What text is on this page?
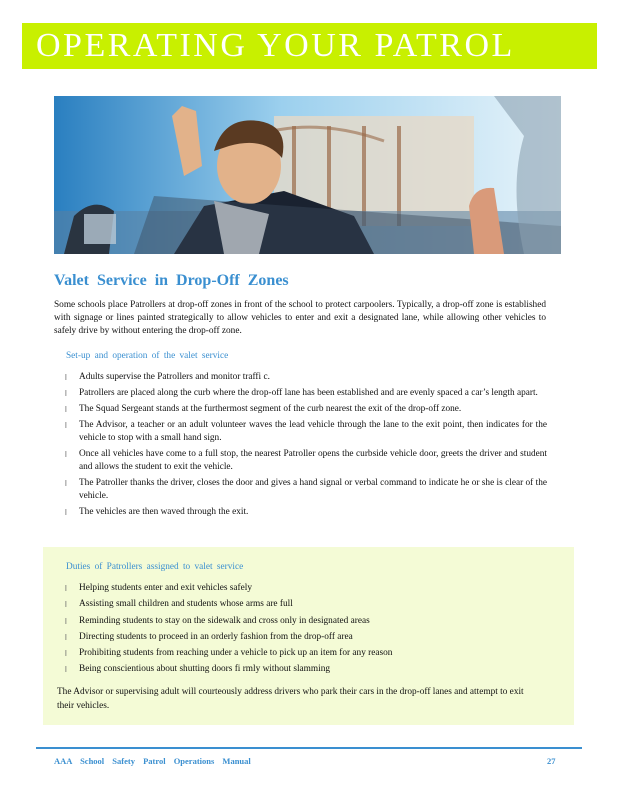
OPERATING YOUR PATROL
Valet Service in Drop-Off Zones

Some schools place Patrollers at drop-off zones in front of the school to protect carpoolers. Typically, a drop-off zone is established with signage or lines painted strategically to allow vehicles to enter and exit a designated lane, while allowing other vehicles to safely drive by without entering the drop-off zone.

Set-up and operation of the valet service
l Adults supervise the Patrollers and monitor traffi c.
l Patrollers are placed along the curb where the drop-off lane has been established and are evenly spaced a car’s length apart.
l The Squad Sergeant stands at the furthermost segment of the curb nearest the exit of the drop-off zone.
l The Advisor, a teacher or an adult volunteer waves the lead vehicle through the lane to the exit point, then indicates for the vehicle to stop with a small hand sign.
l Once all vehicles have come to a full stop, the nearest Patroller opens the curbside vehicle door, greets the driver and student and allows the student to exit the vehicle.
l The Patroller thanks the driver, closes the door and gives a hand signal or verbal command to indicate he or she is clear of the vehicle.
l The vehicles are then waved through the exit.
Duties of Patrollers assigned to valet service
l Helping students enter and exit vehicles safely
l Assisting small children and students whose arms are full
l Reminding students to stay on the sidewalk and cross only in designated areas
l Directing students to proceed in an orderly fashion from the drop-off area
l Prohibiting students from reaching under a vehicle to pick up an item for any reason
l Being conscientious about shutting doors fi rmly without slamming

The Advisor or supervising adult will courteously address drivers who park their cars in the drop-off lanes and attempt to exit their vehicles.

AAA School Safety Patrol Operations Manual	27
